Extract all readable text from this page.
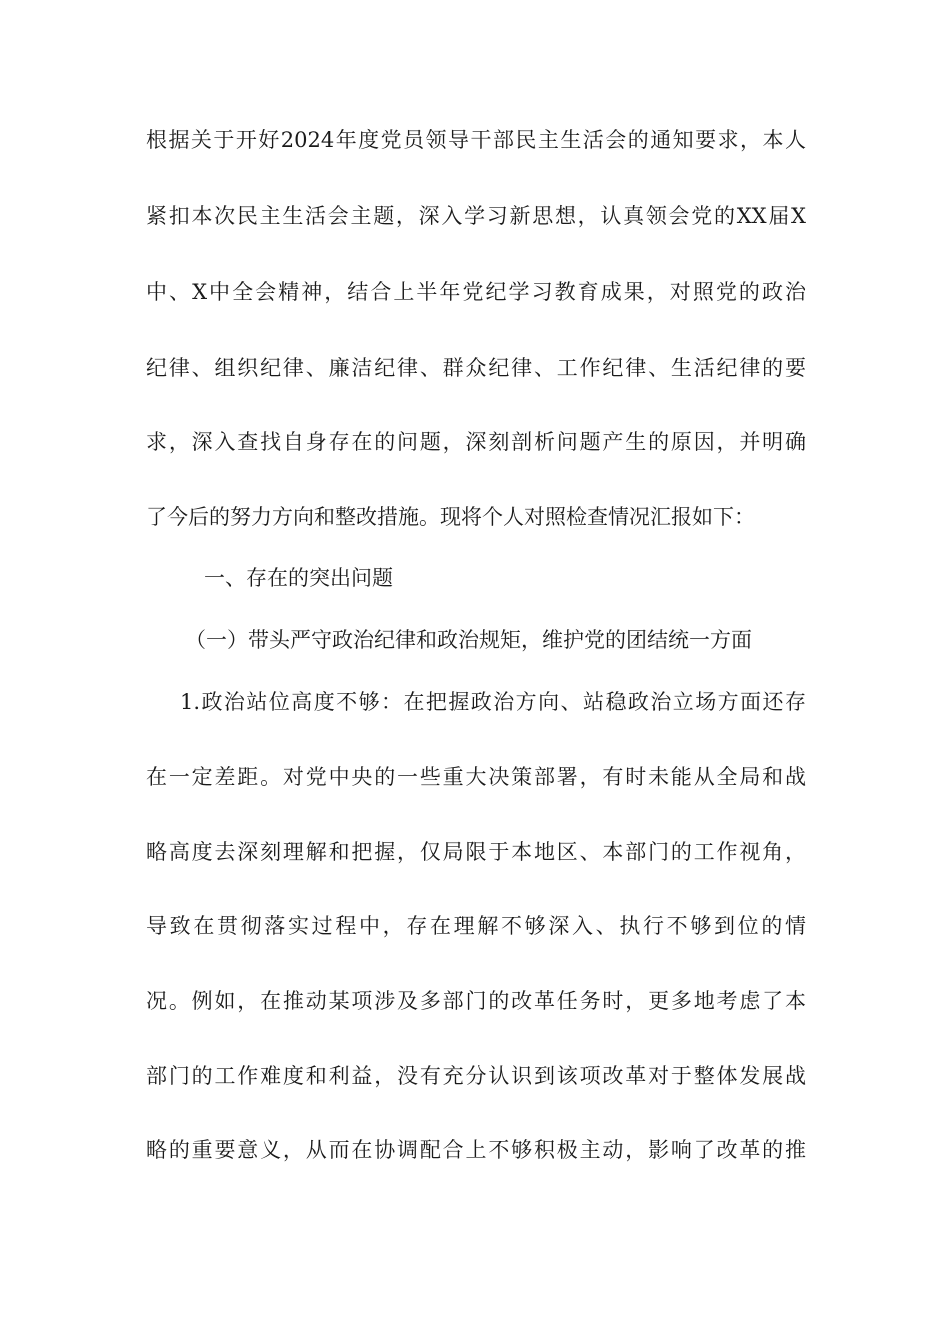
根据关于开好2024年度党员领导干部民主生活会的通知要求，本人
紧扣本次民主生活会主题，深入学习新思想，认真领会党的XX届X
中、X中全会精神，结合上半年党纪学习教育成果，对照党的政治
纪律、组织纪律、廉洁纪律、群众纪律、工作纪律、生活纪律的要
求，深入查找自身存在的问题，深刻剖析问题产生的原因，并明确
了今后的努力方向和整改措施。现将个人对照检查情况汇报如下：
一、存在的突出问题
（一）带头严守政治纪律和政治规矩，维护党的团结统一方面
1.政治站位高度不够：在把握政治方向、站稳政治立场方面还存
在一定差距。对党中央的一些重大决策部署，有时未能从全局和战
略高度去深刻理解和把握，仅局限于本地区、本部门的工作视角，
导致在贯彻落实过程中，存在理解不够深入、执行不够到位的情
况。例如，在推动某项涉及多部门的改革任务时，更多地考虑了本
部门的工作难度和利益，没有充分认识到该项改革对于整体发展战
略的重要意义，从而在协调配合上不够积极主动，影响了改革的推
